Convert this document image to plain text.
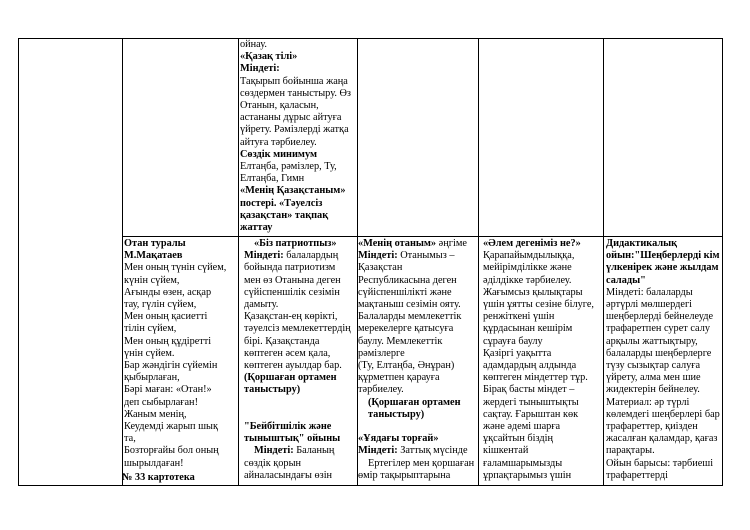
ойнау.
«Қазақ тілі»
Міндеті:
Тақырып бойынша жаңа
сөздермен таныстыру. Өз
Отанын, қаласын,
астананы дұрыс айтуға
үйрету. Рәмізлерді жатқа
айтуға тәрбиелеу.
Сөздік минимум
Елтаңба, рәмізлер, Ту,
Елтаңба, Гимн
«Менің Қазақстаным»
постері. «Тәуелсіз
қазақстан» тақпақ
жаттау
Отан туралы
М.Мақатаев
Мен оның түнін сүйем,
күнін сүйем,
Ағынды өзен, асқар
тау, гүлін сүйем,
Мен оның қасиетті
тілін сүйем,
Мен оның құдіретті
үнін сүйем.
Бар жәндігін сүйемін
қыбырлаған,
Бәрі маған: «Отан!»
деп сыбырлаған!
Жаным менің,
Кеудемді жарып шық
та,
Бозторғайы бол оның
шырылдаған!
№ 33 картотека
«Біз патриотпыз»
Міндеті: балалардың
бойында патриотизм
мен өз Отанына деген
сүйіспеншілік сезімін
дамыту.
Қазақстан-ең көрікті,
тәуелсіз мемлекеттердің
бірі. Қазақстанда
көптеген әсем қала,
көптеген ауылдар бар.
(Қоршаған ортамен
таныстыру)

"Бейбітшілік және
тыныштық" ойыны
Міндеті: Баланың
сөздік қорын
айналасындағы өзін
«Менің отаным» әңгіме
Міндеті: Отанымыз –
Қазақстан
Республикасына деген
сүйіспеншілікті және
мақтаныш сезімін ояту.
Балаларды мемлекеттік
мерекелерге қатысуға
баулу. Мемлекеттік
рәмізлерге
(Ту, Елтаңба, Әнұран)
құрметпен қарауға
тәрбиелеу.
(Қоршаған ортамен
таныстыру)

«Ұядағы торғай»
Міндеті: Заттық мүсінде
Ертегілер мен қоршаған
өмір тақырыптарына
«Әлем дегеніміз не?»
Қарапайымдылыққа,
мейірімділікке және
әділдікке тәрбиелеу.
Жағымсыз қылықтары
үшін ұятты сезіне білуге,
ренжіткені үшін
құрдасынан кешірім
сұрауға баулу
Қазіргі уақытта
адамдардың алдында
көптеген міндеттер тұр.
Бірақ басты міндет –
жердегі тыныштықты
сақтау. Ғарыштан көк
және әдемі шарға
ұқсайтын біздің
кішкентай
ғаламшарымызды
ұрпақтарымыз үшін
Дидактикалық
ойын:"Шеңберлерді кім
үлкенірек және жылдам
салады"
Міндеті: балаларды
әртүрлі мөлшердегі
шеңберлерді бейнелеуде
трафаретпен сурет салу
арқылы жаттықтыру,
балаларды шеңберлерге
түзу сызықтар салуға
үйрету, алма мен шие
жидектерін бейнелеу.
Материал: әр түрлі
көлемдегі шеңберлері бар
трафареттер, қиізден
жасалған қаламдар, қағаз
парақтары.
Ойын барысы: тәрбиеші
трафареттерді
